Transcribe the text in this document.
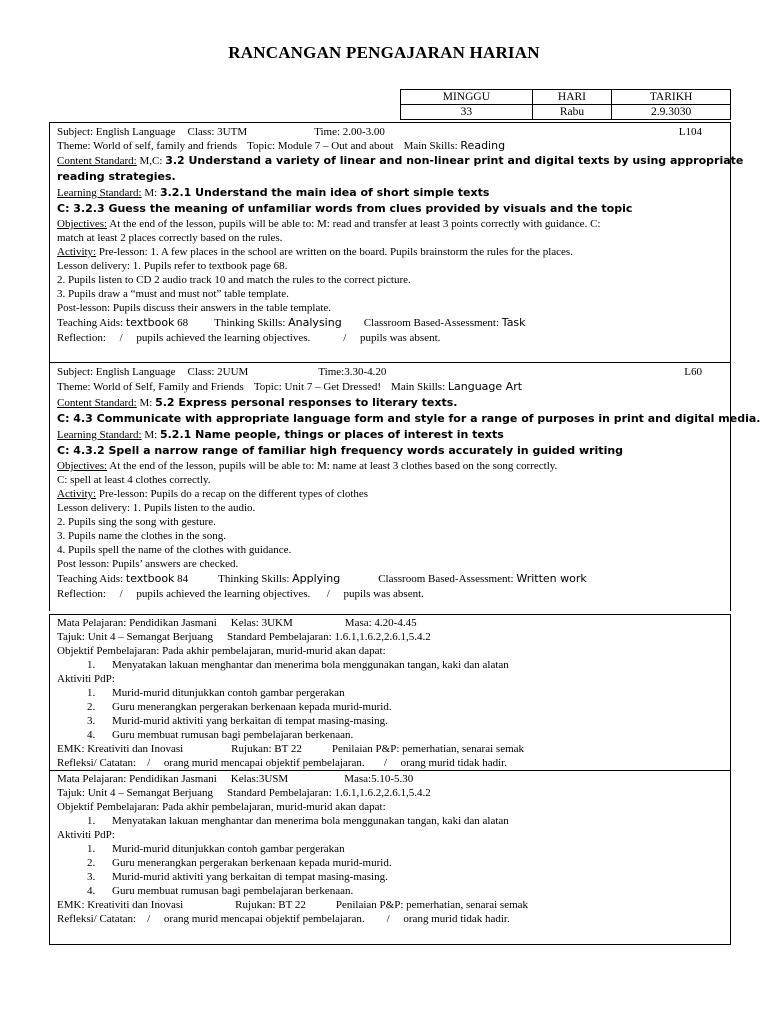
RANCANGAN PENGAJARAN HARIAN
MINGGU	HARI	TARIKH
33	Rabu	2.9.3030
Subject: English Language Class: 3UTM	Time: 2.00-3.00	L104
Theme: World of self, family and friends Topic: Module 7 – Out and about Main Skills: Reading
Content Standard: M,C: 3.2 Understand a variety of linear and non-linear print and digital texts by using appropriate
reading strategies.
Learning Standard: M: 3.2.1 Understand the main idea of short simple texts
C: 3.2.3 Guess the meaning of unfamiliar words from clues provided by visuals and the topic
Objectives: At the end of the lesson, pupils will be able to: M: read and transfer at least 3 points correctly with guidance. C:
match at least 2 places correctly based on the rules.
Activity: Pre-lesson: 1. A few places in the school are written on the board. Pupils brainstorm the rules for the places.
Lesson delivery: 1. Pupils refer to textbook page 68.
2. Pupils listen to CD 2 audio track 10 and match the rules to the correct picture.
3. Pupils draw a “must and must not” table template.
Post-lesson: Pupils discuss their answers in the table template.
Teaching Aids: textbook 68 Thinking Skills: Analysing Classroom Based-Assessment: Task
Reflection:     /     pupils achieved the learning objectives.            /     pupils was absent.
Subject: English Language Class: 2UUM	Time:3.30-4.20	L60
Theme: World of Self, Family and Friends Topic: Unit 7 – Get Dressed! Main Skills: Language Art
Content Standard: M: 5.2 Express personal responses to literary texts.
C: 4.3 Communicate with appropriate language form and style for a range of purposes in print and digital media.
Learning Standard: M: 5.2.1 Name people, things or places of interest in texts
C: 4.3.2 Spell a narrow range of familiar high frequency words accurately in guided writing
Objectives: At the end of the lesson, pupils will be able to: M: name at least 3 clothes based on the song correctly.
C: spell at least 4 clothes correctly.
Activity: Pre-lesson: Pupils do a recap on the different types of clothes
Lesson delivery: 1. Pupils listen to the audio.
2. Pupils sing the song with gesture.
3. Pupils name the clothes in the song.
4. Pupils spell the name of the clothes with guidance.
Post lesson: Pupils’ answers are checked.
Teaching Aids: textbook 84	Thinking Skills: Applying	Classroom Based-Assessment: Written work
Reflection:     /     pupils achieved the learning objectives.      /     pupils was absent.
Mata Pelajaran: Pendidikan Jasmani Kelas: 3UKM	Masa: 4.20-4.45
Tajuk: Unit 4 – Semangat Berjuang Standard Pembelajaran: 1.6.1,1.6.2,2.6.1,5.4.2
Objektif Pembelajaran: Pada akhir pembelajaran, murid-murid akan dapat:
1. Menyatakan lakuan menghantar dan menerima bola menggunakan tangan, kaki dan alatan
Aktiviti PdP:
1. Murid-murid ditunjukkan contoh gambar pergerakan
2. Guru menerangkan pergerakan berkenaan kepada murid-murid.
3. Murid-murid aktiviti yang berkaitan di tempat masing-masing.
4. Guru membuat rumusan bagi pembelajaran berkenaan.
EMK: Kreativiti dan Inovasi	Rujukan: BT 22	Penilaian P&P: pemerhatian, senarai semak
Refleksi/ Catatan:    /     orang murid mencapai objektif pembelajaran.       /     orang murid tidak hadir.
Mata Pelajaran: Pendidikan Jasmani Kelas:3USM	Masa:5.10-5.30
Tajuk: Unit 4 – Semangat Berjuang Standard Pembelajaran: 1.6.1,1.6.2,2.6.1,5.4.2
Objektif Pembelajaran: Pada akhir pembelajaran, murid-murid akan dapat:
1. Menyatakan lakuan menghantar dan menerima bola menggunakan tangan, kaki dan alatan
Aktiviti PdP:
1. Murid-murid ditunjukkan contoh gambar pergerakan
2. Guru menerangkan pergerakan berkenaan kepada murid-murid.
3. Murid-murid aktiviti yang berkaitan di tempat masing-masing.
4. Guru membuat rumusan bagi pembelajaran berkenaan.
EMK: Kreativiti dan Inovasi	Rujukan: BT 22	Penilaian P&P: pemerhatian, senarai semak
Refleksi/ Catatan:    /     orang murid mencapai objektif pembelajaran.        /     orang murid tidak hadir.
